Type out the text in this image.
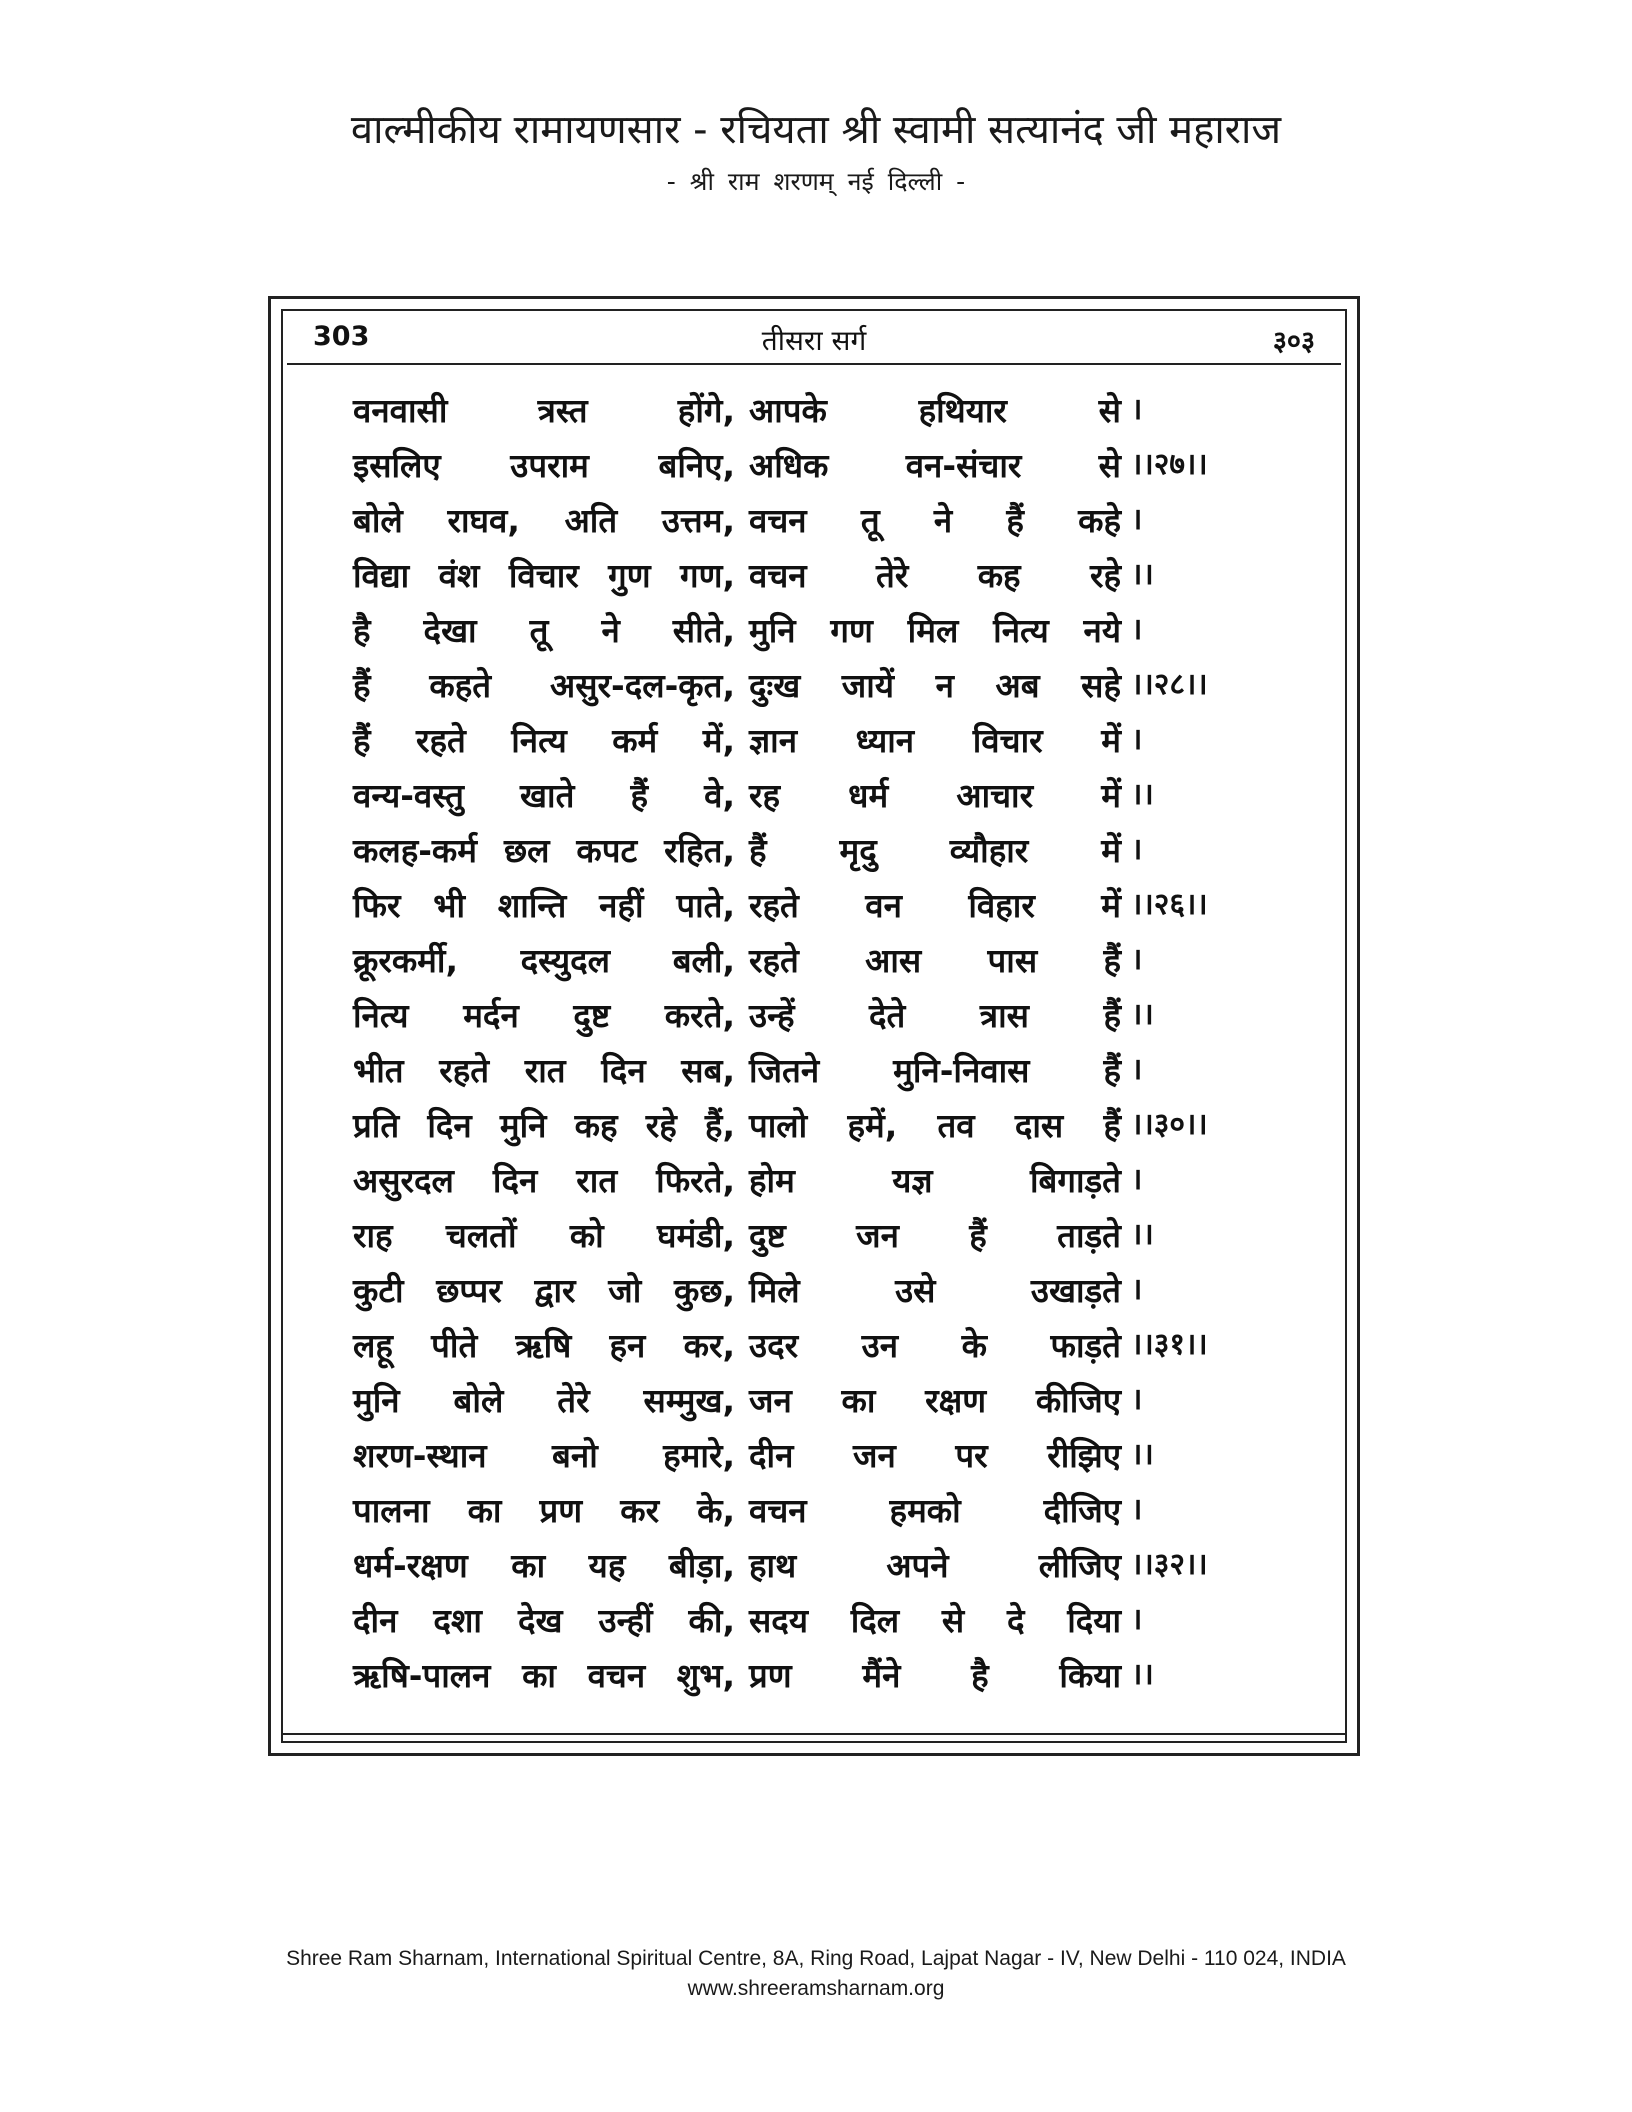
वाल्मीकीय रामायणसार - रचियता श्री स्वामी सत्यानंद जी महाराज
- श्री राम शरणम् नई दिल्ली -
303	तीसरा सर्ग	३०३
वनवासी त्रस्त होंगे, आपके हथियार से ।
इसलिए उपराम बनिए, अधिक वन-संचार से ।।२७।।
बोले राघव, अति उत्तम, वचन तू ने हैं कहे ।
विद्या वंश विचार गुण गण, वचन तेरे कह रहे ।।
है देखा तू ने सीते, मुनि गण मिल नित्य नये ।
हैं कहते असुर-दल-कृत, दुःख जायें न अब सहे ।।२८।।
हैं रहते नित्य कर्म में, ज्ञान ध्यान विचार में ।
वन्य-वस्तु खाते हैं वे, रह धर्म आचार में ।।
कलह-कर्म छल कपट रहित, हैं मृदु व्यौहार में ।
फिर भी शान्ति नहीं पाते, रहते वन विहार में ।।२६।।
क्रूरकर्मी, दस्युदल बली, रहते आस पास हैं ।
नित्य मर्दन दुष्ट करते, उन्हें देते त्रास हैं ।।
भीत रहते रात दिन सब, जितने मुनि-निवास हैं ।
प्रति दिन मुनि कह रहे हैं, पालो हमें, तव दास हैं ।।३०।।
असुरदल दिन रात फिरते, होम यज्ञ बिगाड़ते ।
राह चलतों को घमंडी, दुष्ट जन हैं ताड़ते ।।
कुटी छप्पर द्वार जो कुछ, मिले उसे उखाड़ते ।
लहू पीते ऋषि हन कर, उदर उन के फाड़ते ।।३१।।
मुनि बोले तेरे सम्मुख, जन का रक्षण कीजिए ।
शरण-स्थान बनो हमारे, दीन जन पर रीझिए ।।
पालना का प्रण कर के, वचन हमको दीजिए ।
धर्म-रक्षण का यह बीड़ा, हाथ अपने लीजिए ।।३२।।
दीन दशा देख उन्हीं की, सदय दिल से दे दिया ।
ऋषि-पालन का वचन शुभ, प्रण मैंने है किया ।।
Shree Ram Sharnam, International Spiritual Centre, 8A, Ring Road, Lajpat Nagar - IV, New Delhi - 110 024, INDIA
www.shreeramsharnam.org
